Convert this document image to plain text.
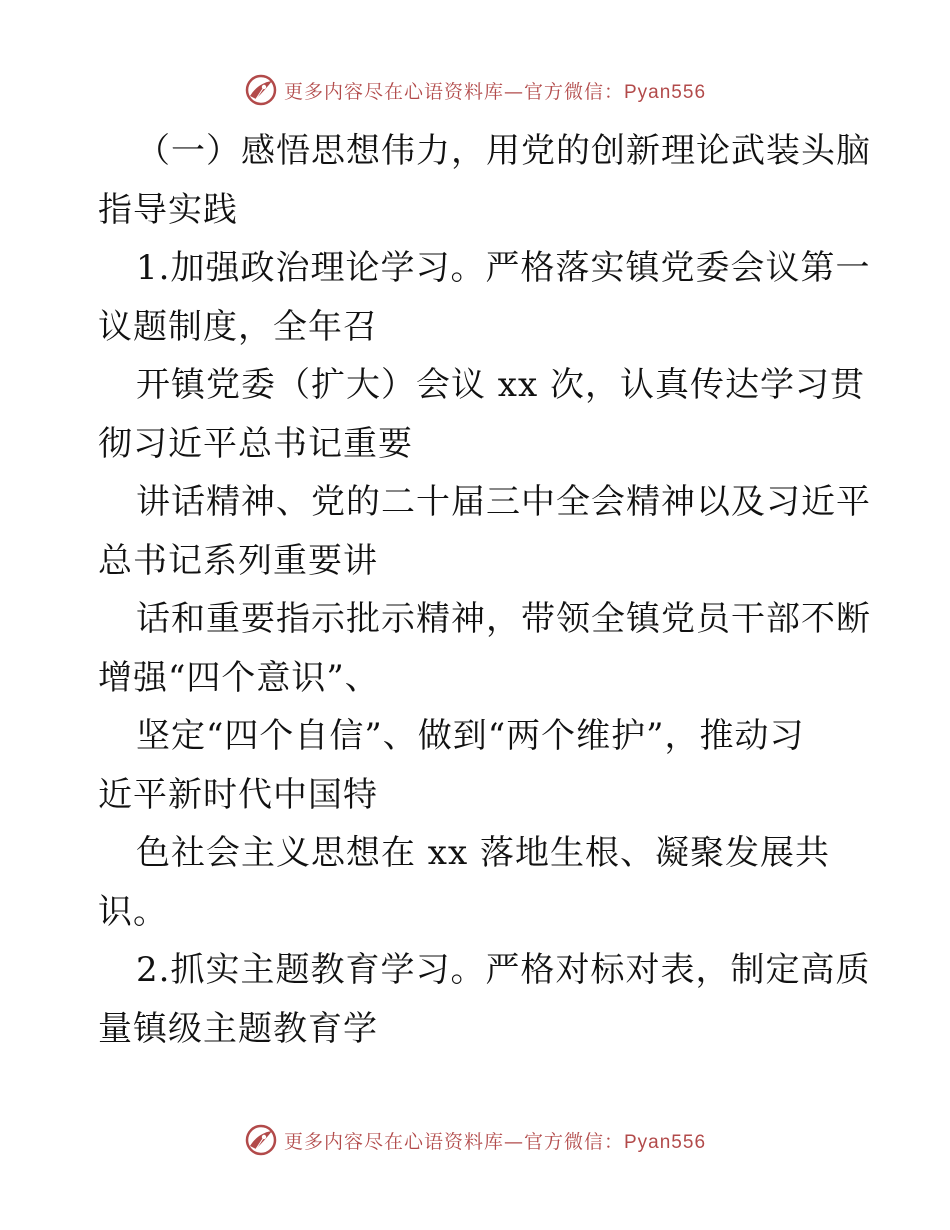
更多内容尽在心语资料库—官方微信：Pyan556
（一）感悟思想伟力，用党的创新理论武装头脑
指导实践
1.加强政治理论学习。严格落实镇党委会议第一
议题制度，全年召
开镇党委（扩大）会议 xx 次，认真传达学习贯
彻习近平总书记重要
讲话精神、党的二十届三中全会精神以及习近平
总书记系列重要讲
话和重要指示批示精神，带领全镇党员干部不断
增强“四个意识”、
坚定“四个自信”、做到“两个维护”，推动习
近平新时代中国特
色社会主义思想在 xx 落地生根、凝聚发展共
识。
2.抓实主题教育学习。严格对标对表，制定高质
量镇级主题教育学
更多内容尽在心语资料库—官方微信：Pyan556
